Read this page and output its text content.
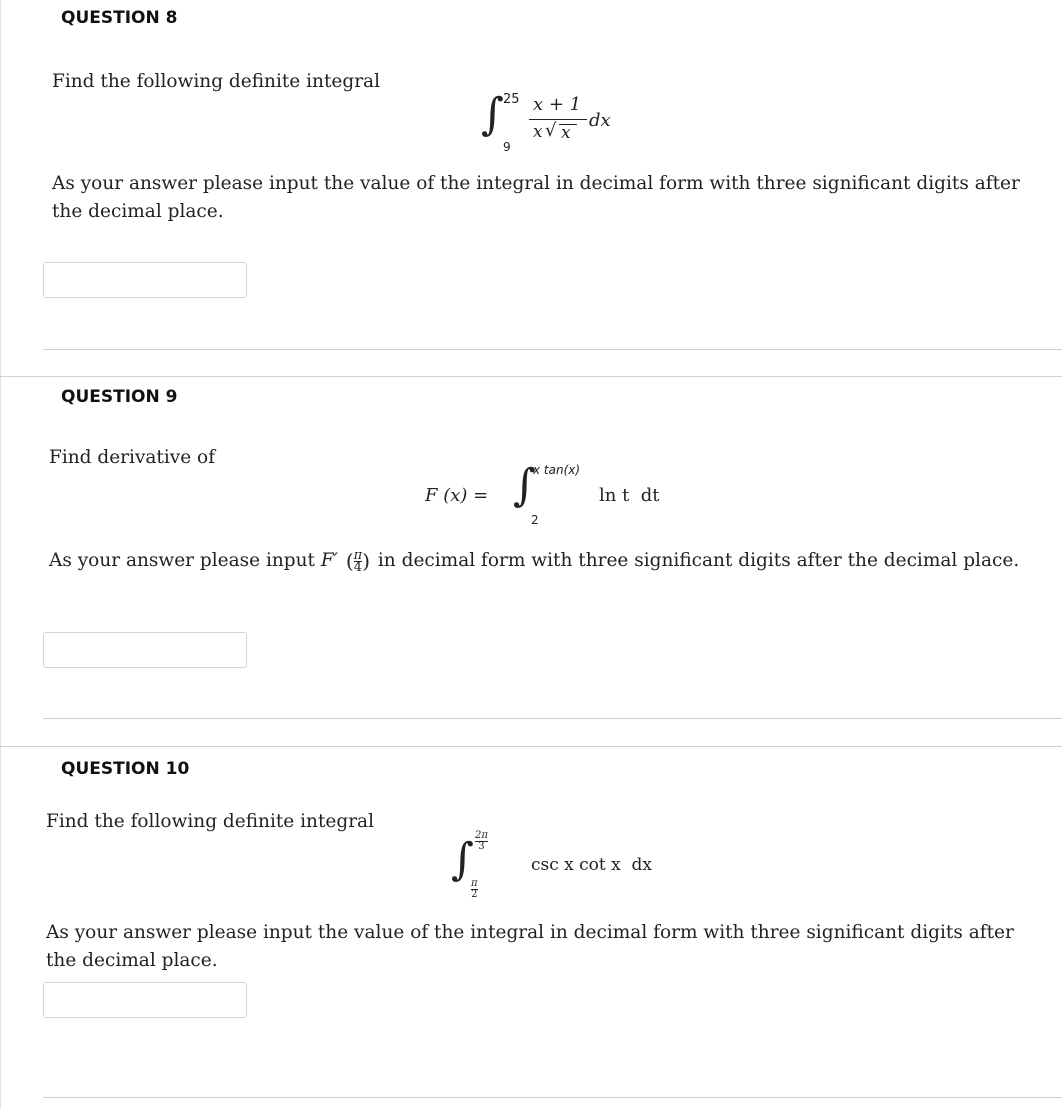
QUESTION 8
Find the following definite integral
∫ 25
9
x + 1
x √ x
dx
As your answer please input the value of the integral in decimal form with three significant digits after the decimal place.
QUESTION 9
Find derivative of
F (x) = ∫
x tan(x)
2
ln t  dt
As your answer please input F′ ( $\frac{\pi}{4}$ ) in decimal form with three significant digits after the decimal place.
QUESTION 10
Find the following definite integral
∫ $\frac{2\pi}{3}$
$\frac{\pi}{2}$
csc x cot x  dx
As your answer please input the value of the integral in decimal form with three significant digits after the decimal place.
